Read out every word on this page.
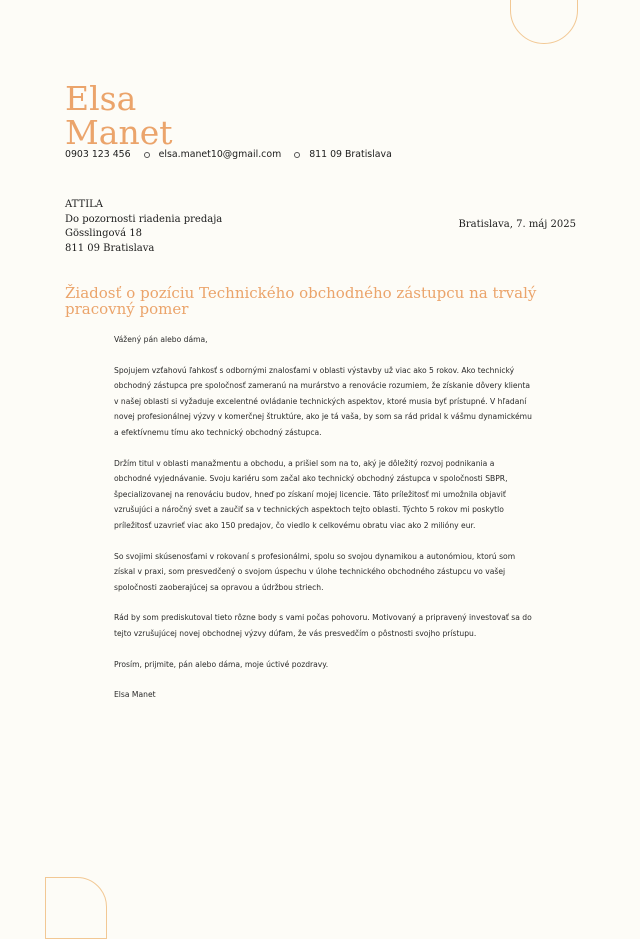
Elsa
Manet
0903 123 456	elsa.manet10@gmail.com	811 09 Bratislava
ATTILA
Do pozornosti riadenia predaja
Gösslingová 18
811 09 Bratislava
Bratislava, 7. máj 2025
Žiadosť o pozíciu Technického obchodného zástupcu na trvalý pracovný pomer

Vážený pán alebo dáma,

Spojujem vzťahovú ľahkosť s odbornými znalosťami v oblasti výstavby už viac ako 5 rokov. Ako technický obchodný zástupca pre spoločnosť zameranú na murárstvo a renovácie rozumiem, že získanie dôvery klienta v našej oblasti si vyžaduje excelentné ovládanie technických aspektov, ktoré musia byť prístupné. V hľadaní novej profesionálnej výzvy v komerčnej štruktúre, ako je tá vaša, by som sa rád pridal k vášmu dynamickému a efektívnemu tímu ako technický obchodný zástupca.

Držím titul v oblasti manažmentu a obchodu, a prišiel som na to, aký je dôležitý rozvoj podnikania a obchodné vyjednávanie. Svoju kariéru som začal ako technický obchodný zástupca v spoločnosti SBPR, špecializovanej na renováciu budov, hneď po získaní mojej licencie. Táto príležitosť mi umožnila objaviť vzrušujúci a náročný svet a zaučiť sa v technických aspektoch tejto oblasti. Týchto 5 rokov mi poskytlo príležitosť uzavrieť viac ako 150 predajov, čo viedlo k celkovému obratu viac ako 2 milióny eur.

So svojimi skúsenosťami v rokovaní s profesionálmi, spolu so svojou dynamikou a autonómiou, ktorú som získal v praxi, som presvedčený o svojom úspechu v úlohe technického obchodného zástupcu vo vašej spoločnosti zaoberajúcej sa opravou a údržbou striech.

Rád by som prediskutoval tieto rôzne body s vami počas pohovoru. Motivovaný a pripravený investovať sa do tejto vzrušujúcej novej obchodnej výzvy dúfam, že vás presvedčím o pôstnosti svojho prístupu.

Prosím, prijmite, pán alebo dáma, moje úctivé pozdravy.

Elsa Manet
